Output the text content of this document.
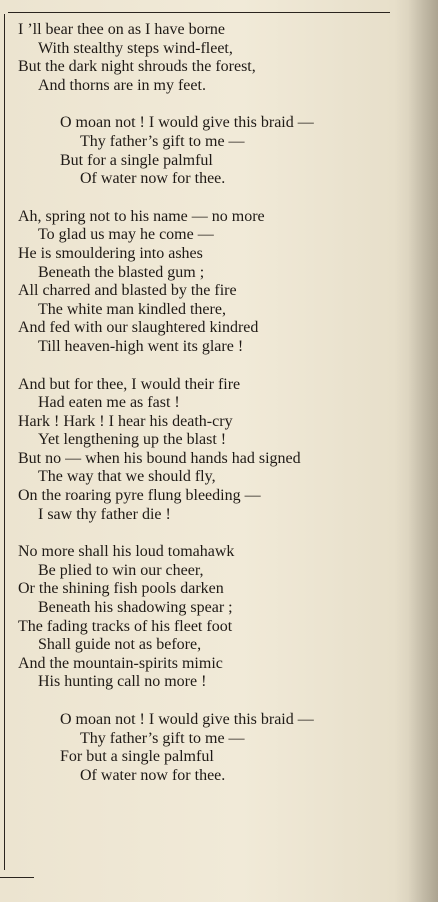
I ’ll bear thee on as I have borne
With stealthy steps wind-fleet,
But the dark night shrouds the forest,
And thorns are in my feet.
O moan not ! I would give this braid —
Thy father’s gift to me —
But for a single palmful
Of water now for thee.
Ah, spring not to his name — no more
To glad us may he come —
He is smouldering into ashes
Beneath the blasted gum ;
All charred and blasted by the fire
The white man kindled there,
And fed with our slaughtered kindred
Till heaven-high went its glare !
And but for thee, I would their fire
Had eaten me as fast !
Hark ! Hark ! I hear his death-cry
Yet lengthening up the blast !
But no — when his bound hands had signed
The way that we should fly,
On the roaring pyre flung bleeding —
I saw thy father die !
No more shall his loud tomahawk
Be plied to win our cheer,
Or the shining fish pools darken
Beneath his shadowing spear ;
The fading tracks of his fleet foot
Shall guide not as before,
And the mountain-spirits mimic
His hunting call no more !
O moan not ! I would give this braid —
Thy father’s gift to me —
For but a single palmful
Of water now for thee.
